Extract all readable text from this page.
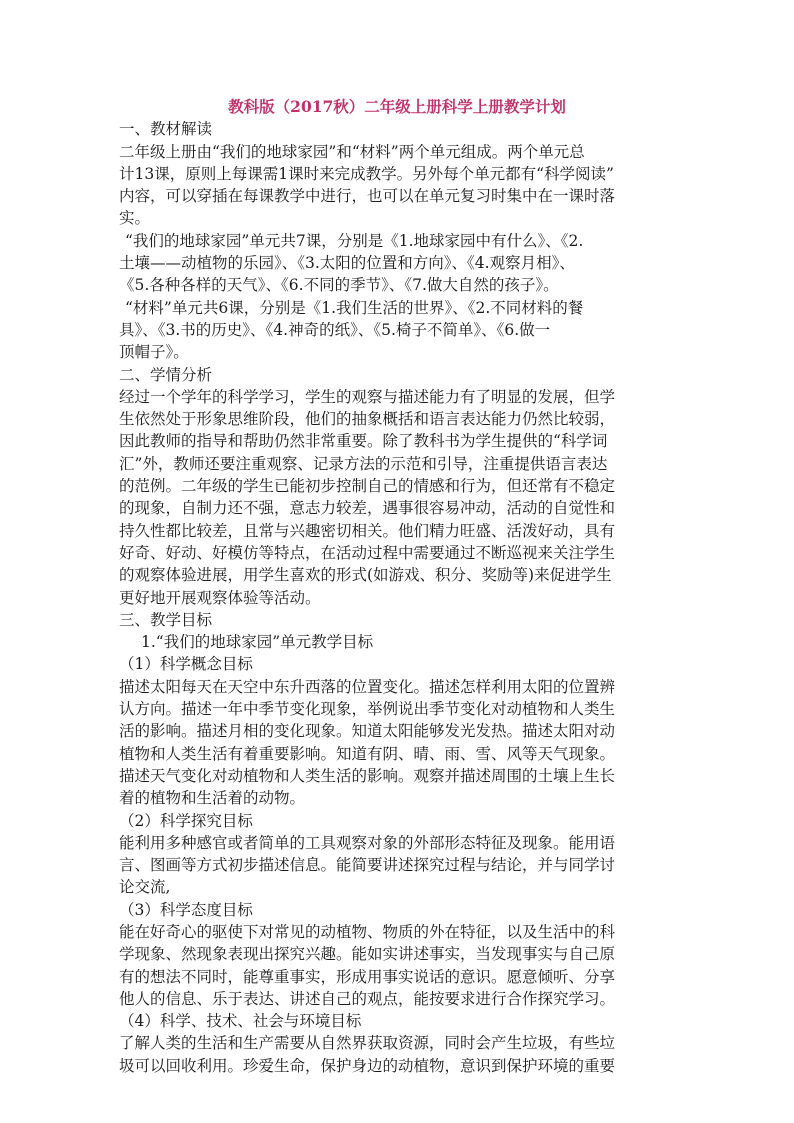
教科版（2017秋）二年级上册科学上册教学计划

一、教材解读

二年级上册由“我们的地球家园”和“材料”两个单元组成。两个单元总

计13课，原则上每课需1课时来完成教学。另外每个单元都有“科学阅读”

内容，可以穿插在每课教学中进行，也可以在单元复习时集中在一课时落

实。

“我们的地球家园”单元共7课，分别是《1.地球家园中有什么》、《2.

土壤——动植物的乐园》、《3.太阳的位置和方向》、《4.观察月相》、

《5.各种各样的天气》、《6.不同的季节》、《7.做大自然的孩子》。

“材料”单元共6课，分别是《1.我们生活的世界》、《2.不同材料的餐

具》、《3.书的历史》、《4.神奇的纸》、《5.椅子不简单》、《6.做一

顶帽子》。

二、学情分析

经过一个学年的科学学习，学生的观察与描述能力有了明显的发展，但学

生依然处于形象思维阶段，他们的抽象概括和语言表达能力仍然比较弱，

因此教师的指导和帮助仍然非常重要。除了教科书为学生提供的“科学词

汇”外，教师还要注重观察、记录方法的示范和引导，注重提供语言表达

的范例。二年级的学生已能初步控制自己的情感和行为，但还常有不稳定

的现象，自制力还不强，意志力较差，遇事很容易冲动，活动的自觉性和

持久性都比较差，且常与兴趣密切相关。他们精力旺盛、活泼好动，具有

好奇、好动、好模仿等特点，在活动过程中需要通过不断巡视来关注学生

的观察体验进展，用学生喜欢的形式(如游戏、积分、奖励等)来促进学生

更好地开展观察体验等活动。

三、教学目标

1.“我们的地球家园”单元教学目标

（1）科学概念目标

描述太阳每天在天空中东升西落的位置变化。描述怎样利用太阳的位置辨

认方向。描述一年中季节变化现象，举例说出季节变化对动植物和人类生

活的影响。描述月相的变化现象。知道太阳能够发光发热。描述太阳对动

植物和人类生活有着重要影响。知道有阴、晴、雨、雪、风等天气现象。

描述天气变化对动植物和人类生活的影响。观察并描述周围的土壤上生长

着的植物和生活着的动物。

（2）科学探究目标

能利用多种感官或者简单的工具观察对象的外部形态特征及现象。能用语

言、图画等方式初步描述信息。能简要讲述探究过程与结论，并与同学讨

论交流,

（3）科学态度目标

能在好奇心的驱使下对常见的动植物、物质的外在特征，以及生活中的科

学现象、然现象表现出探究兴趣。能如实讲述事实，当发现事实与自己原

有的想法不同时，能尊重事实，形成用事实说话的意识。愿意倾听、分享

他人的信息、乐于表达、讲述自己的观点，能按要求进行合作探究学习。

（4）科学、技术、社会与环境目标

了解人类的生活和生产需要从自然界获取资源，同时会产生垃圾，有些垃

圾可以回收利用。珍爱生命，保护身边的动植物，意识到保护环境的重要
